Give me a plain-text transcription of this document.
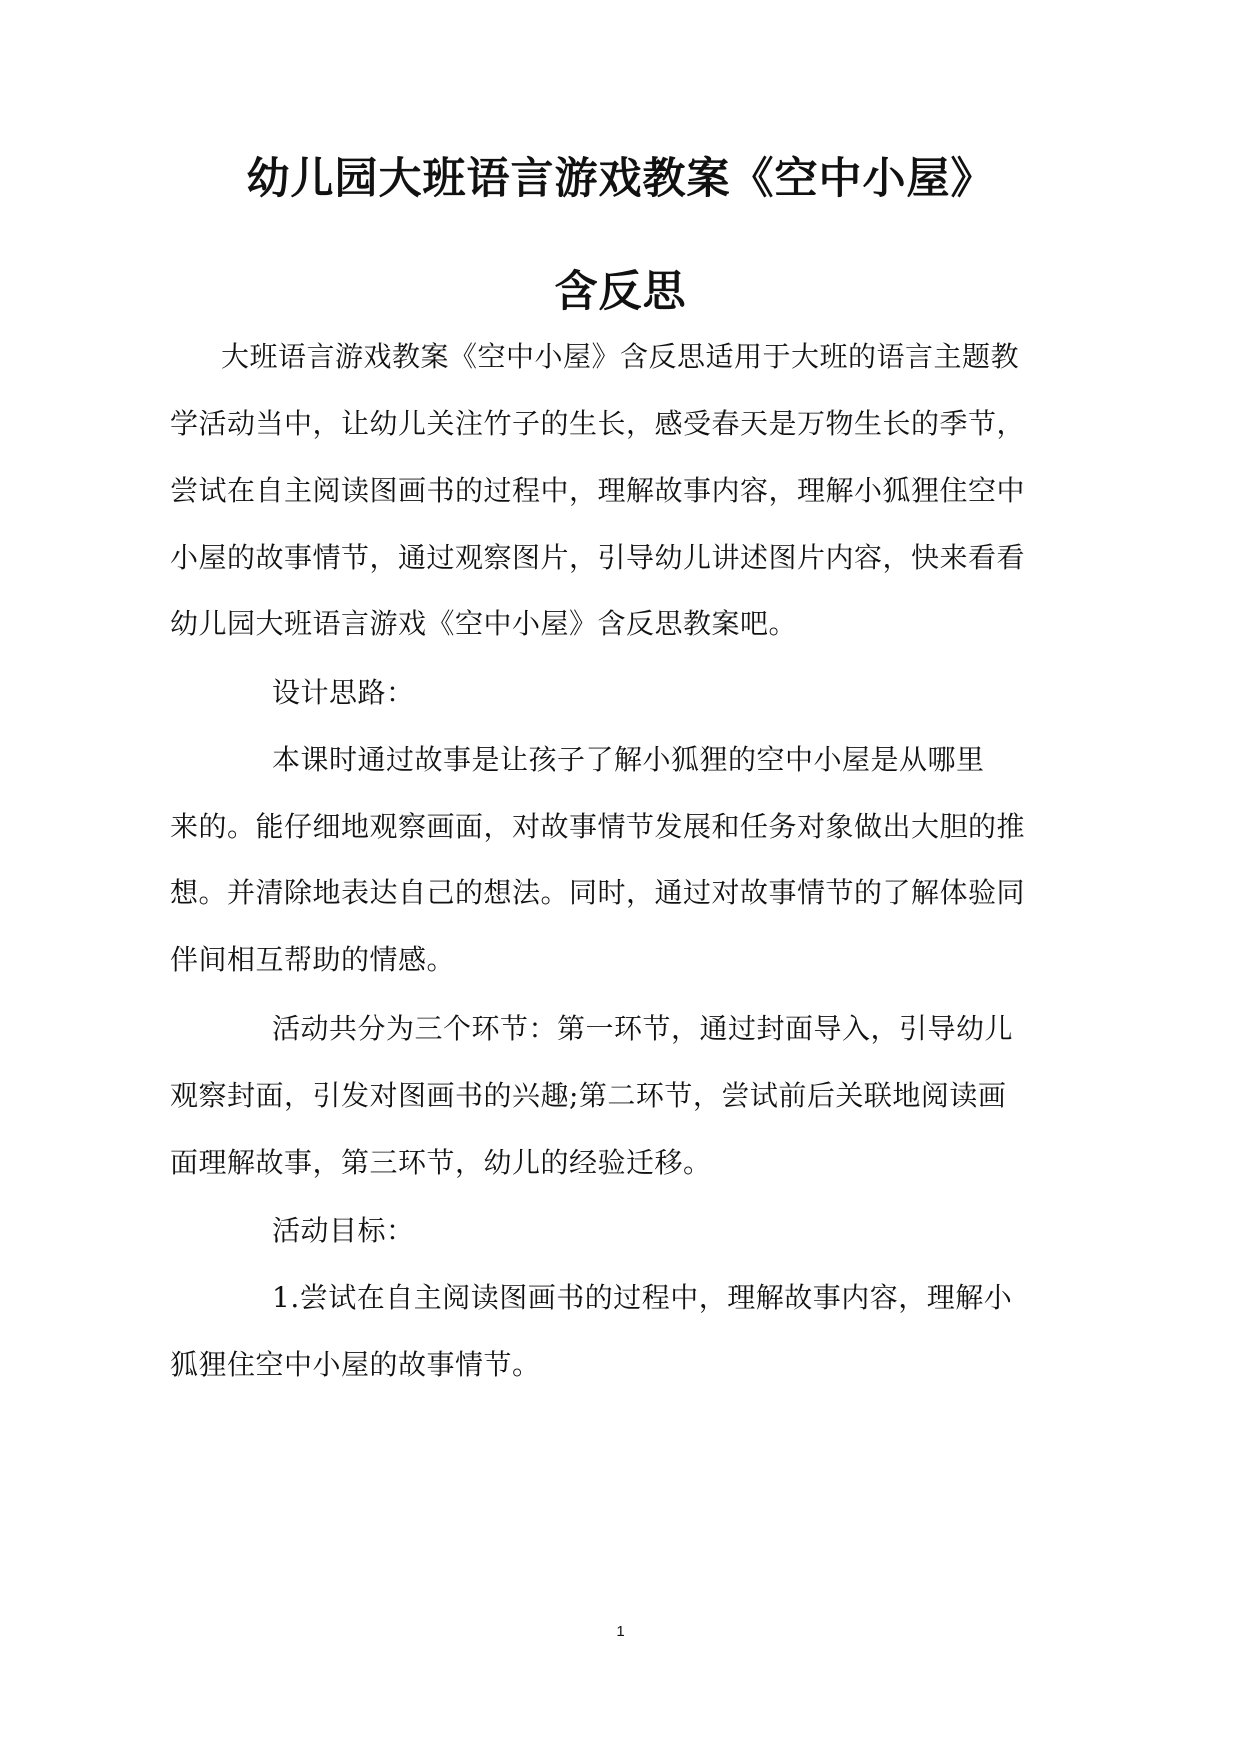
幼儿园大班语言游戏教案《空中小屋》
含反思
大班语言游戏教案《空中小屋》含反思适用于大班的语言主题教
学活动当中，让幼儿关注竹子的生长，感受春天是万物生长的季节，
尝试在自主阅读图画书的过程中，理解故事内容，理解小狐狸住空中
小屋的故事情节，通过观察图片，引导幼儿讲述图片内容，快来看看
幼儿园大班语言游戏《空中小屋》含反思教案吧。
设计思路：
本课时通过故事是让孩子了解小狐狸的空中小屋是从哪里
来的。能仔细地观察画面，对故事情节发展和任务对象做出大胆的推
想。并清除地表达自己的想法。同时，通过对故事情节的了解体验同
伴间相互帮助的情感。
活动共分为三个环节：第一环节，通过封面导入，引导幼儿
观察封面，引发对图画书的兴趣;第二环节，尝试前后关联地阅读画
面理解故事，第三环节，幼儿的经验迁移。
活动目标：
1.尝试在自主阅读图画书的过程中，理解故事内容，理解小
狐狸住空中小屋的故事情节。
1
